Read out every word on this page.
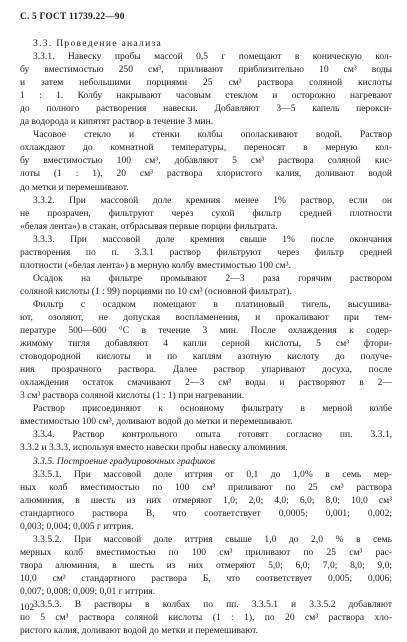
С. 5 ГОСТ 11739.22—90
3.3. Проведение анализа

3.3.1. Навеску пробы массой 0,5 г помещают в коническую кол-
бу вместимостью 250 см³, приливают приблизительно 10 см³ воды
и затем небольшими порциями 25 см³ раствора соляной кислоты
1 : 1. Колбу накрывают часовым стеклом и осторожно нагревают
до полного растворения навески. Добавляют 3—5 капель перокси-
да водорода и кипятят раствор в течение 3 мин.

Часовое стекло и стенки колбы ополаскивают водой. Раствор
охлаждают до комнатной температуры, переносят в мерную кол-
бу вместимостью 100 см³, добавляют 5 см³ раствора соляной кис-
лоты (1 : 1), 20 см³ раствора хлористого калия, доливают водой
до метки и перемешивают.

3.3.2. При массовой доле кремния менее 1% раствор, если он
не прозрачен, фильтруют через сухой фильтр средней плотности
«белая лента») в стакан, отбрасывая первые порции фильтрата.

3.3.3. При массовой доле кремния свыше 1% после окончания
растворения по п. 3.3.1 раствор фильтруют через фильтр средней
плотности («белая лента») в мерную колбу вместимостью 100 см³.

Осадок на фильтре промывают 2—3 раза горячим раствором
соляной кислоты (1 : 99) порциями по 10 см³ (основной фильтрат).

Фильтр с осадком помещают в платиновый тигель, высушива-
ют, озоляют, не допуская воспламенения, и прокаливают при тем-
пературе 500—600 °С в течение 3 мин. После охлаждения к содер-
жимому тигля добавляют 4 капли серной кислоты, 5 см³ фтори-
стоводородной кислоты и по каплям азотную кислоту до получе-
ния прозрачного раствора. Далее раствор упаривают досуха, после
охлаждения остаток смачивают 2—3 см³ воды и растворяют в 2—
3 см³ раствора соляной кислоты (1 : 1) при нагревании.

Раствор присоединяют к основному фильтрату в мерной колбе
вместимостью 100 см³, доливают водой до метки и перемешивают.

3.3.4. Раствор контрольного опыта готовят согласно пп. 3.3.1,
3.3.2 и 3.3.3, используя вместо навески пробы навеску алюминия.

3.3.5. Построение градуировочных графиков

3.3.5.1. При массовой доле иттрия от 0,1 до 1,0% в семь мер-
ных колб вместимостью по 100 см³ приливают по 25 см³ раствора
алюминия, в шесть из них отмеряют 1,0; 2,0; 4,0; 6,0; 8,0; 10,0 см³
стандартного раствора В, что соответствует 0,0005; 0,001; 0,002;
0,003; 0,004; 0,005 г иттрия.

3.3.5.2. При массовой доле иттрия свыше 1,0 до 2,0 % в семь
мерных колб вместимостью по 100 см³ приливают по 25 см³ рас-
твора алюминия, в шесть из них отмеряют 5,0; 6,0; 7,0; 8,0; 9,0;
10,0 см³ стандартного раствора Б, что соответствует 0,005; 0,006;
0,007; 0,008; 0,009; 0,01 г иттрия.

3.3.5.3. В растворы в колбах по пп. 3.3.5.1 и 3.3.5.2 добавляют
по 5 см³ раствора соляной кислоты (1 : 1), по 20 см³ раствора хло-
ристого калия, доливают водой до метки и перемешивают.

102
